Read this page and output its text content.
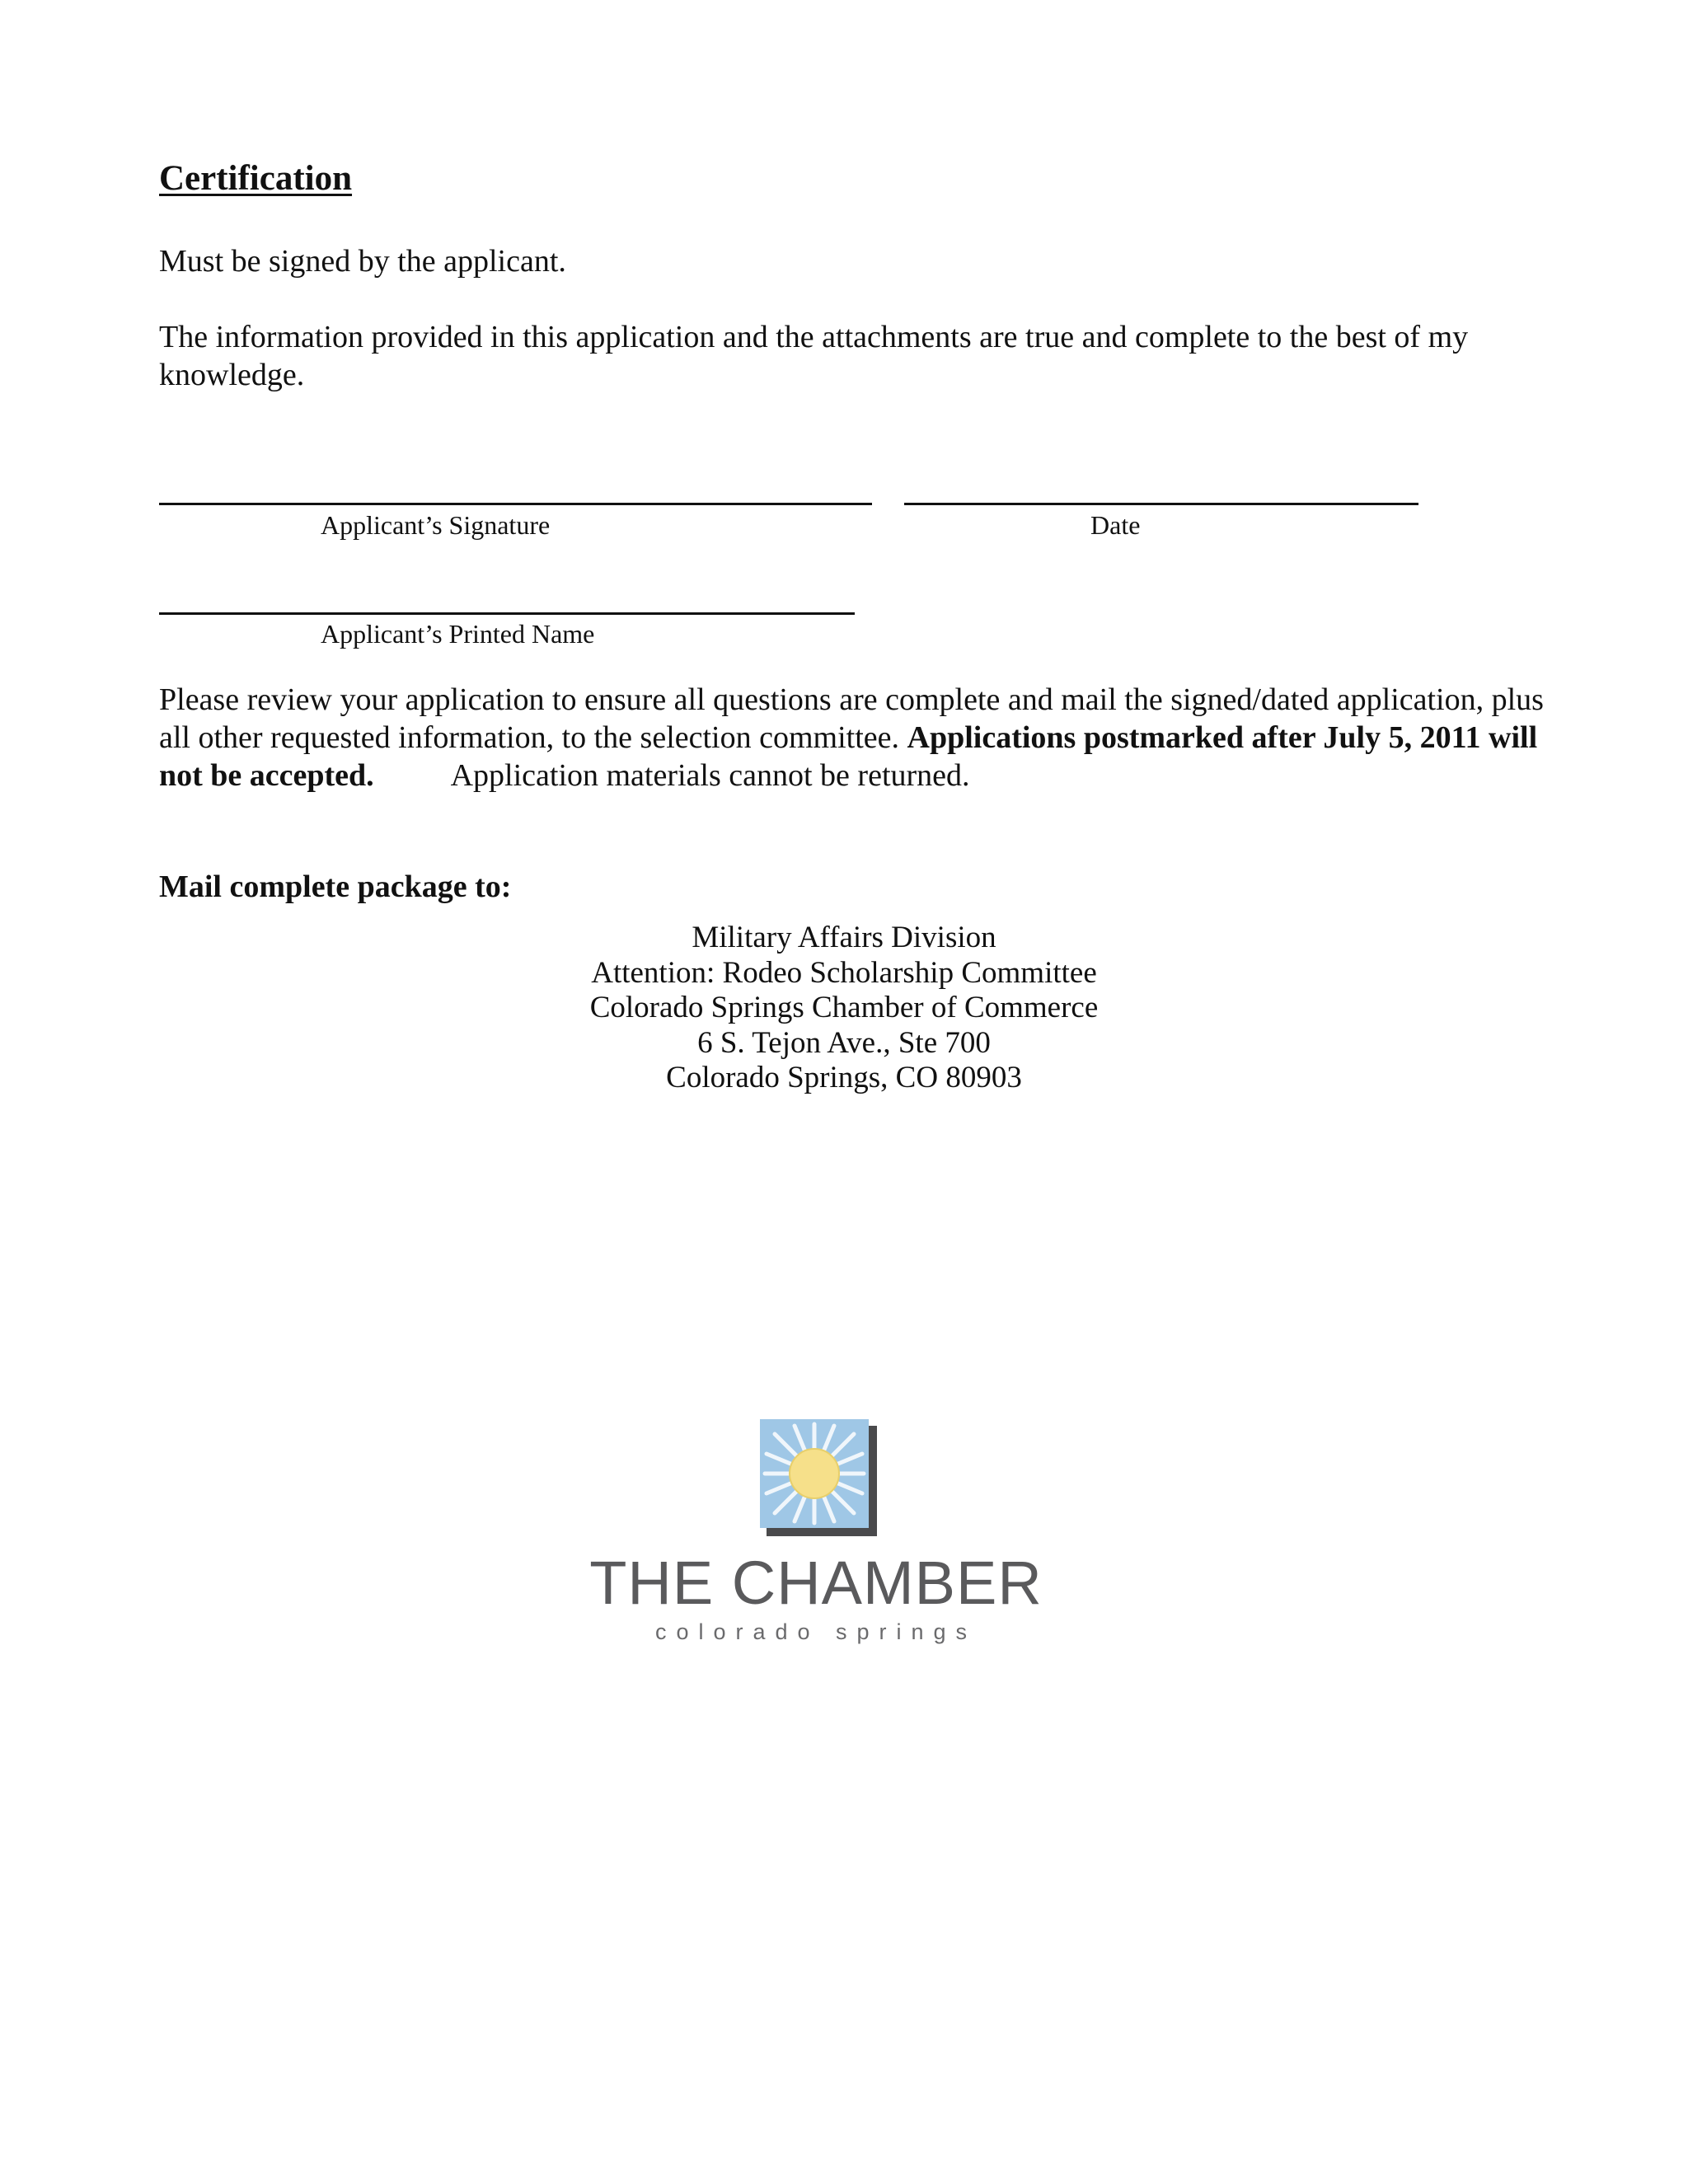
Certification

Must be signed by the applicant.

The information provided in this application and the attachments are true and complete to the best of my knowledge.

Applicant’s Signature	Date
Applicant’s Printed Name

Please review your application to ensure all questions are complete and mail the signed/dated application, plus all other requested information, to the selection committee. Applications postmarked after July 5, 2011 will not be accepted. Application materials cannot be returned.

Mail complete package to:
Military Affairs Division
Attention: Rodeo Scholarship Committee
Colorado Springs Chamber of Commerce
6 S. Tejon Ave., Ste 700
Colorado Springs, CO 80903
THE CHAMBER
colorado springs
